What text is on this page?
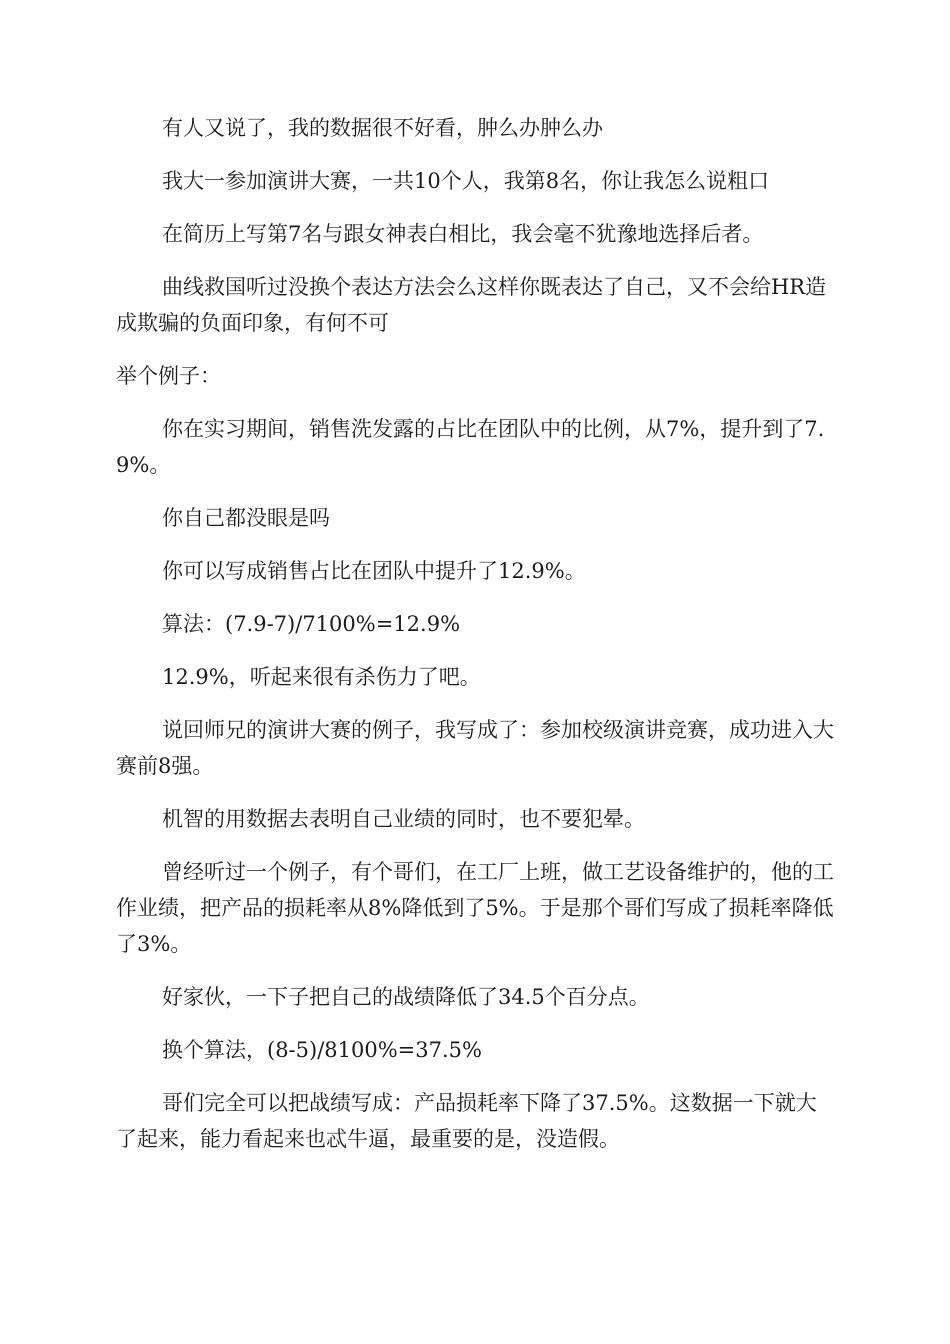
有人又说了，我的数据很不好看，肿么办肿么办

我大一参加演讲大赛，一共10个人，我第8名，你让我怎么说粗口

在简历上写第7名与跟女神表白相比，我会毫不犹豫地选择后者。

曲线救国听过没换个表达方法会么这样你既表达了自己，又不会给HR造成欺骗的负面印象，有何不可

举个例子：

你在实习期间，销售洗发露的占比在团队中的比例，从7%，提升到了7.9%。

你自己都没眼是吗

你可以写成销售占比在团队中提升了12.9%。

算法：(7.9-7)/7100%=12.9%

12.9%，听起来很有杀伤力了吧。

说回师兄的演讲大赛的例子，我写成了：参加校级演讲竞赛，成功进入大赛前8强。

机智的用数据去表明自己业绩的同时，也不要犯晕。

曾经听过一个例子，有个哥们，在工厂上班，做工艺设备维护的，他的工作业绩，把产品的损耗率从8%降低到了5%。于是那个哥们写成了损耗率降低了3%。

好家伙，一下子把自己的战绩降低了34.5个百分点。

换个算法，(8-5)/8100%=37.5%

哥们完全可以把战绩写成：产品损耗率下降了37.5%。这数据一下就大了起来，能力看起来也忒牛逼，最重要的是，没造假。
